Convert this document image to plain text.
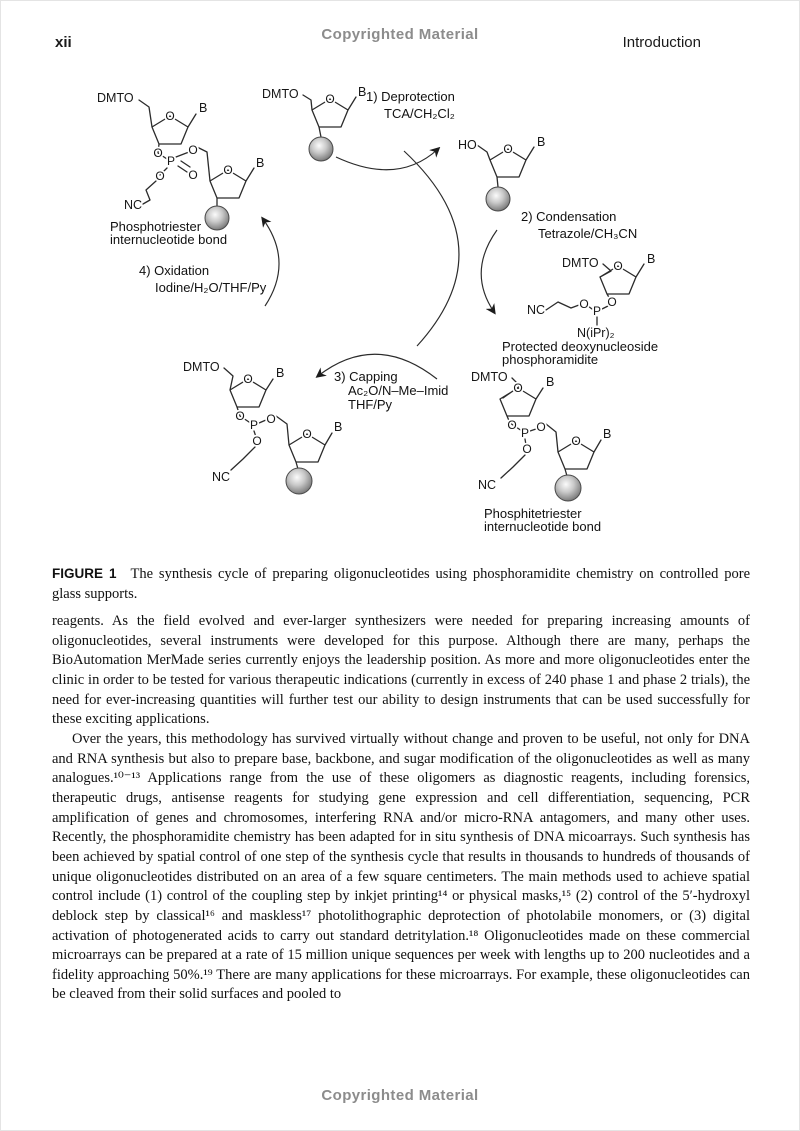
Copyrighted Material
xii	Introduction
DMTO
O
B
O
P
O
O
O B
O
NC
Phosphotriester
internucleotide bond
DMTO O B 1) Deprotection
TCA/CH₂Cl₂
HO O B
2) Condensation
Tetrazole/CH₃CN
DMTO O B
O
P
O
NC
N(iPr)₂
Protected deoxynucleoside
phosphoramidite
4) Oxidation
Iodine/H₂O/THF/Py
3) Capping
Ac₂O/N–Me–Imid
THF/Py
DMTO
O B
O
P O
O B
O
NC
DMTO
O B
O
P O
O B
O
NC
Phosphitetriester
internucleotide bond

FIGURE 1 The synthesis cycle of preparing oligonucleotides using phosphoramidite chemistry on controlled pore glass supports.

reagents. As the field evolved and ever-larger synthesizers were needed for preparing increasing amounts of oligonucleotides, several instruments were developed for this purpose. Although there are many, perhaps the BioAutomation MerMade series currently enjoys the leadership position. As more and more oligonucleotides enter the clinic in order to be tested for various therapeutic indications (currently in excess of 240 phase 1 and phase 2 trials), the need for ever-increasing quantities will further test our ability to design instruments that can be used successfully for these exciting applications.

Over the years, this methodology has survived virtually without change and proven to be useful, not only for DNA and RNA synthesis but also to prepare base, backbone, and sugar modification of the oligonucleotides as well as many analogues.¹⁰⁻¹³ Applications range from the use of these oligomers as diagnostic reagents, including forensics, therapeutic drugs, antisense reagents for studying gene expression and cell differentiation, sequencing, PCR amplification of genes and chromosomes, interfering RNA and/or micro-RNA antagomers, and many other uses. Recently, the phosphoramidite chemistry has been adapted for in situ synthesis of DNA micoarrays. Such synthesis has been achieved by spatial control of one step of the synthesis cycle that results in thousands to hundreds of thousands of unique oligonucleotides distributed on an area of a few square centimeters. The main methods used to achieve spatial control include (1) control of the coupling step by inkjet printing¹⁴ or physical masks,¹⁵ (2) control of the 5′-hydroxyl deblock step by classical¹⁶ and maskless¹⁷ photolithographic deprotection of photolabile monomers, or (3) digital activation of photogenerated acids to carry out standard detritylation.¹⁸ Oligonucleotides made on these commercial microarrays can be prepared at a rate of 15 million unique sequences per week with lengths up to 200 nucleotides and a fidelity approaching 50%.¹⁹ There are many applications for these microarrays. For example, these oligonucleotides can be cleaved from their solid surfaces and pooled to

Copyrighted Material
